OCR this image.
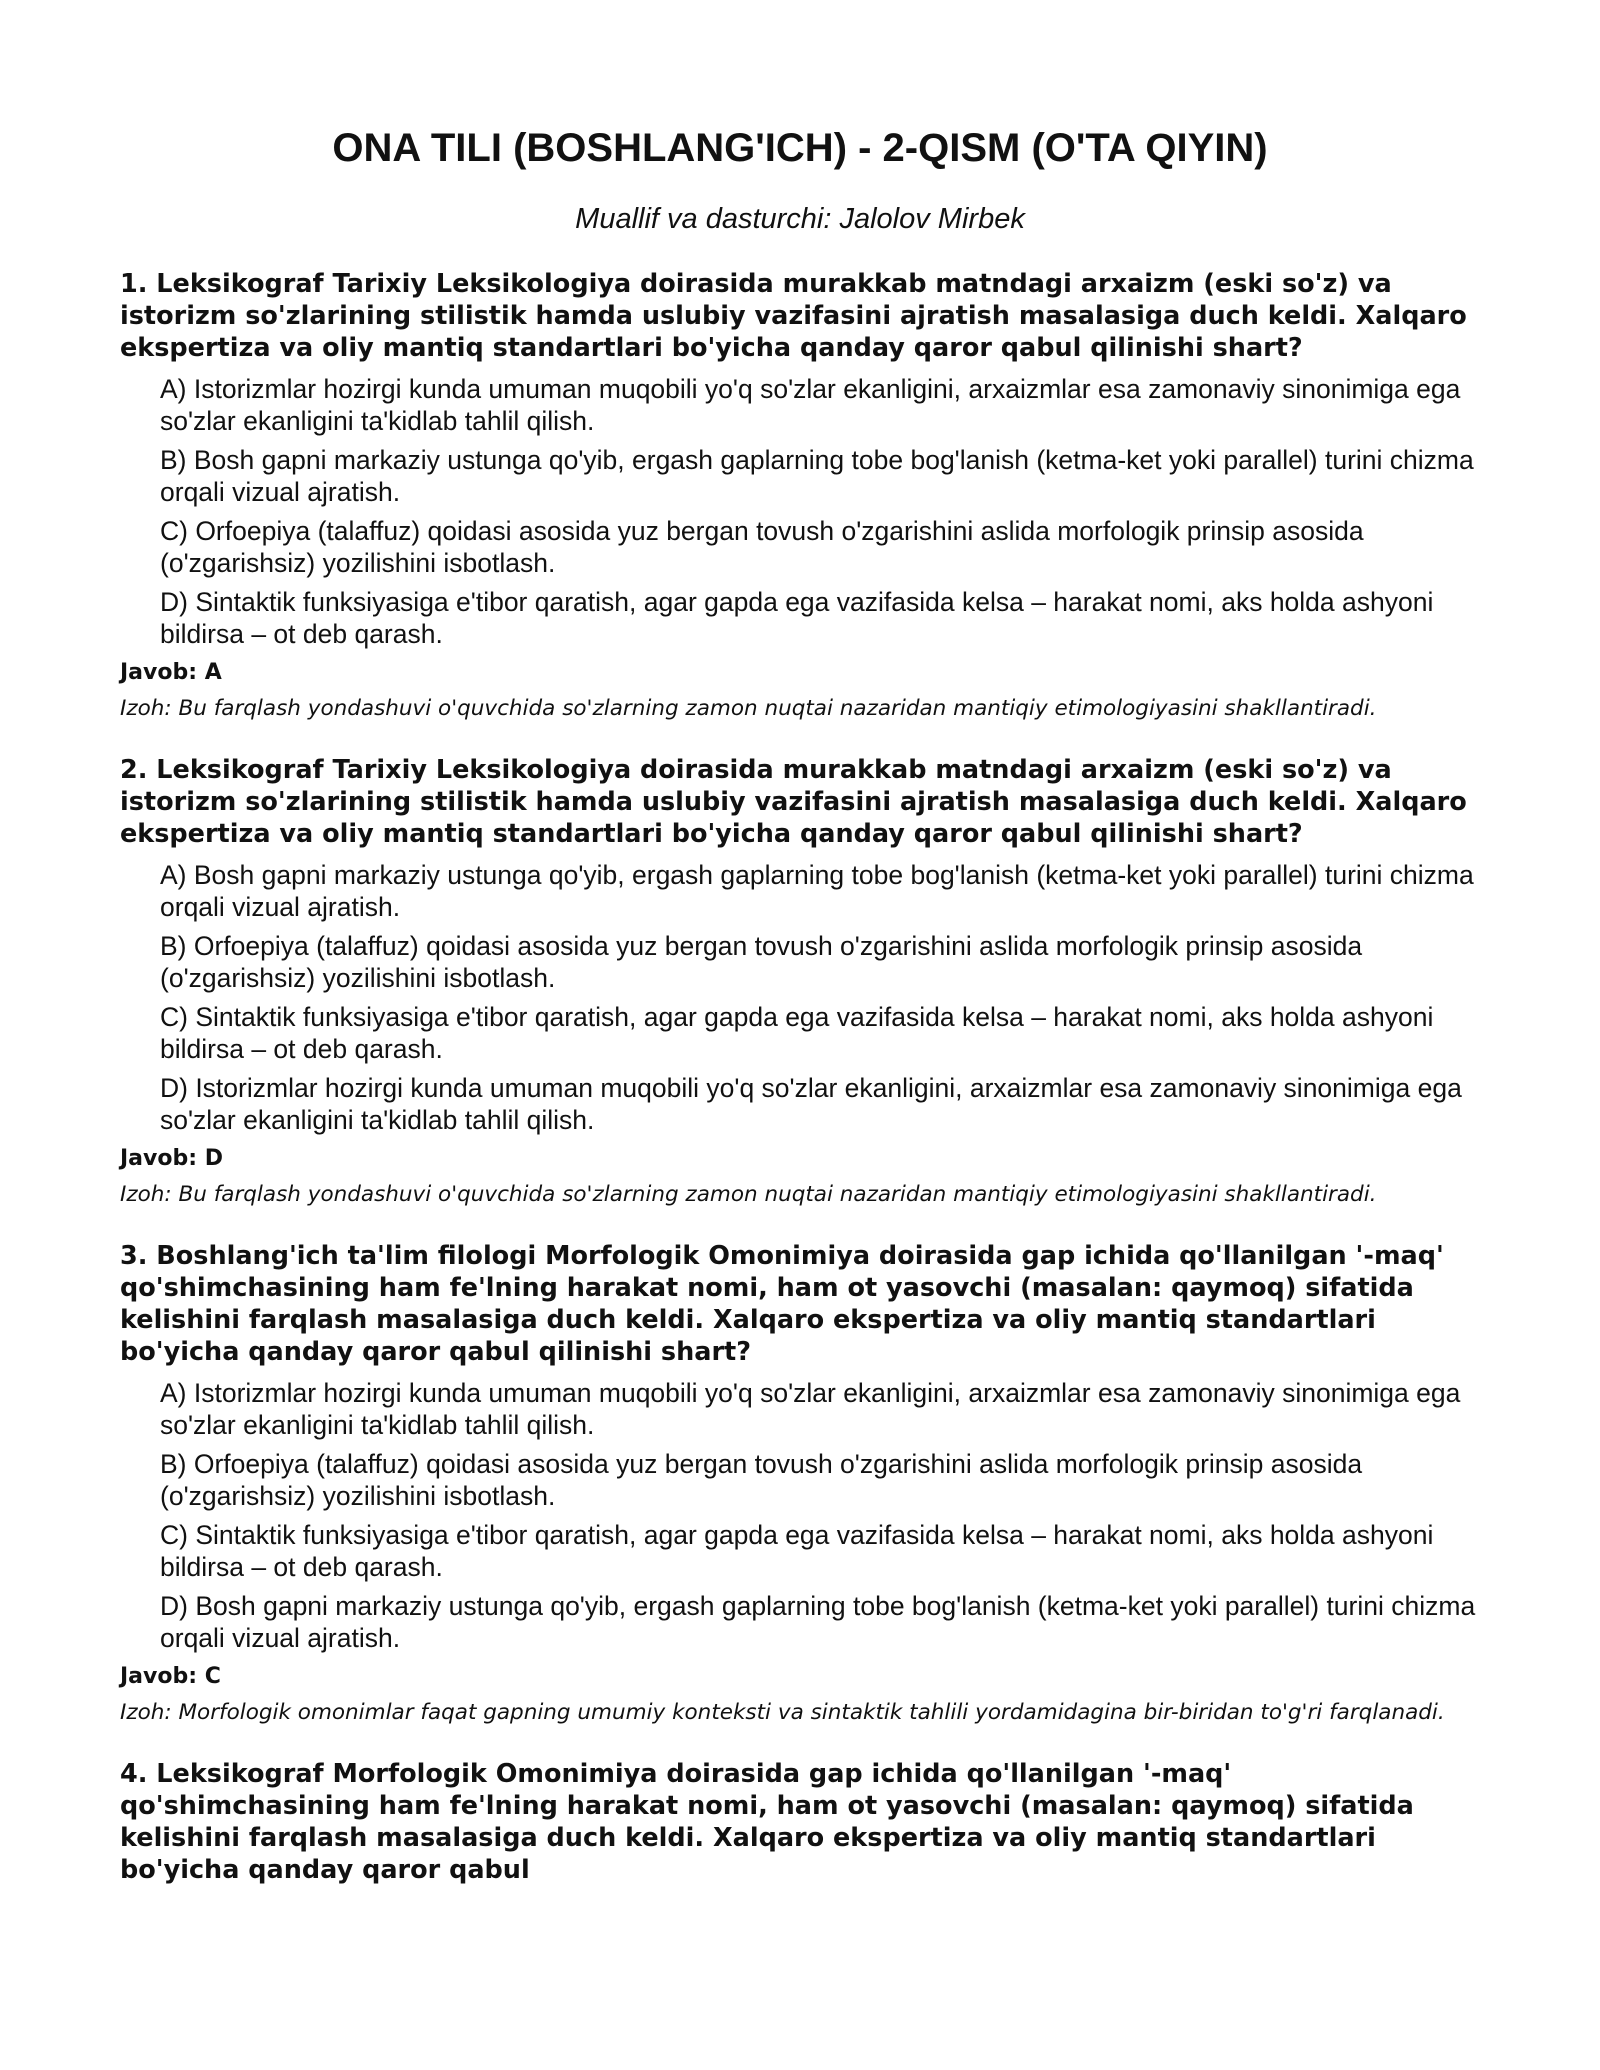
ONA TILI (BOSHLANG'ICH) - 2-QISM (O'TA QIYIN)

Muallif va dasturchi: Jalolov Mirbek

1. Leksikograf Tarixiy Leksikologiya doirasida murakkab matndagi arxaizm (eski so'z) va istorizm so'zlarining stilistik hamda uslubiy vazifasini ajratish masalasiga duch keldi. Xalqaro ekspertiza va oliy mantiq standartlari bo'yicha qanday qaror qabul qilinishi shart?

A) Istorizmlar hozirgi kunda umuman muqobili yo'q so'zlar ekanligini, arxaizmlar esa zamonaviy sinonimiga ega so'zlar ekanligini ta'kidlab tahlil qilish.
B) Bosh gapni markaziy ustunga qo'yib, ergash gaplarning tobe bog'lanish (ketma-ket yoki parallel) turini chizma orqali vizual ajratish.
C) Orfoepiya (talaffuz) qoidasi asosida yuz bergan tovush o'zgarishini aslida morfologik prinsip asosida (o'zgarishsiz) yozilishini isbotlash.
D) Sintaktik funksiyasiga e'tibor qaratish, agar gapda ega vazifasida kelsa – harakat nomi, aks holda ashyoni bildirsa – ot deb qarash.

Javob: A

Izoh: Bu farqlash yondashuvi o'quvchida so'zlarning zamon nuqtai nazaridan mantiqiy etimologiyasini shakllantiradi.

2. Leksikograf Tarixiy Leksikologiya doirasida murakkab matndagi arxaizm (eski so'z) va istorizm so'zlarining stilistik hamda uslubiy vazifasini ajratish masalasiga duch keldi. Xalqaro ekspertiza va oliy mantiq standartlari bo'yicha qanday qaror qabul qilinishi shart?

A) Bosh gapni markaziy ustunga qo'yib, ergash gaplarning tobe bog'lanish (ketma-ket yoki parallel) turini chizma orqali vizual ajratish.
B) Orfoepiya (talaffuz) qoidasi asosida yuz bergan tovush o'zgarishini aslida morfologik prinsip asosida (o'zgarishsiz) yozilishini isbotlash.
C) Sintaktik funksiyasiga e'tibor qaratish, agar gapda ega vazifasida kelsa – harakat nomi, aks holda ashyoni bildirsa – ot deb qarash.
D) Istorizmlar hozirgi kunda umuman muqobili yo'q so'zlar ekanligini, arxaizmlar esa zamonaviy sinonimiga ega so'zlar ekanligini ta'kidlab tahlil qilish.

Javob: D

Izoh: Bu farqlash yondashuvi o'quvchida so'zlarning zamon nuqtai nazaridan mantiqiy etimologiyasini shakllantiradi.

3. Boshlang'ich ta'lim filologi Morfologik Omonimiya doirasida gap ichida qo'llanilgan '-maq' qo'shimchasining ham fe'lning harakat nomi, ham ot yasovchi (masalan: qaymoq) sifatida kelishini farqlash masalasiga duch keldi. Xalqaro ekspertiza va oliy mantiq standartlari bo'yicha qanday qaror qabul qilinishi shart?

A) Istorizmlar hozirgi kunda umuman muqobili yo'q so'zlar ekanligini, arxaizmlar esa zamonaviy sinonimiga ega so'zlar ekanligini ta'kidlab tahlil qilish.
B) Orfoepiya (talaffuz) qoidasi asosida yuz bergan tovush o'zgarishini aslida morfologik prinsip asosida (o'zgarishsiz) yozilishini isbotlash.
C) Sintaktik funksiyasiga e'tibor qaratish, agar gapda ega vazifasida kelsa – harakat nomi, aks holda ashyoni bildirsa – ot deb qarash.
D) Bosh gapni markaziy ustunga qo'yib, ergash gaplarning tobe bog'lanish (ketma-ket yoki parallel) turini chizma orqali vizual ajratish.

Javob: C

Izoh: Morfologik omonimlar faqat gapning umumiy konteksti va sintaktik tahlili yordamidagina bir-biridan to'g'ri farqlanadi.

4. Leksikograf Morfologik Omonimiya doirasida gap ichida qo'llanilgan '-maq' qo'shimchasining ham fe'lning harakat nomi, ham ot yasovchi (masalan: qaymoq) sifatida kelishini farqlash masalasiga duch keldi. Xalqaro ekspertiza va oliy mantiq standartlari bo'yicha qanday qaror qabul
